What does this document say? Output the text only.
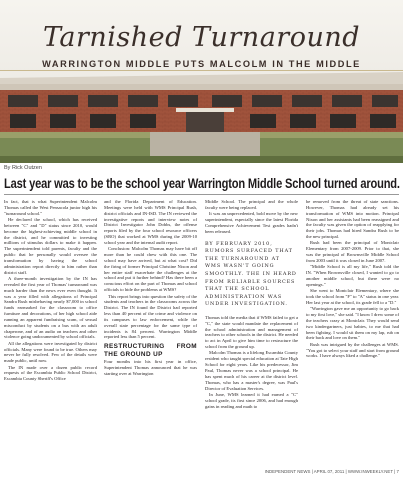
Tarnished Turnaround
WARRINGTON MIDDLE PUTS MALCOLM IN THE MIDDLE
By Rick Outzen
Last year was to be the school year Warrington Middle School turned around.

In fact, that is what Superintendent Malcolm Thomas called the West Pensacola junior high his "turnaround school."

He declared the school, which has received between "C" and "D" status since 2010, would become the highest-achieving middle school in the district, and he committed to investing millions of stimulus dollars to make it happen. The superintendent told parents, faculty and the public that he personally would oversee the transformation by having the school administration report directly to him rather than district staff.

A three-month investigation by the IN has revealed the first year of Thomas' turnaround was much harder than the news ever even thought. It was a year filled with allegations of Principal Sandra Rush misbehaving nearly $7,000 in school funds earmarked for the classroom to office furniture and decorations, of her high school aide running an apparent fundraising scam, of sexual misconduct by students on a bus with an adult chaperone, and of an audio on teachers and other violence going undocumented by school officials.

All the allegations were investigated by district officials. Many were found to be true. Others may never be fully resolved. Few of the details were made public, until now.

The IN made over a dozen public record requests of the Escambia Public School District, Escambia County Sheriff's Office

and the Florida Department of Education. Meetings were held with WMS Principal Rush, district officials and IN-ISD. The IN reviewed the investigative reports and interview notes of District Investigator John Dobbs, the offense reports filed by the four school resource officers (SRO) that worked at WMS during the 2009-10 school year and the internal audit report.

Conclusion: Malcolm Thomas may have bit off more than he could chew with this one. The school may have arrived, but at what cost? Did the firing of former Principal Christine Nixon and her entire staff exacerbate the challenges at the school and put it further behind? Has there been a conscious effort on the part of Thomas and school officials to hide the problems at WMS?

This report brings into question the safety of the students and teachers in the classrooms across the District. The IN found the District had reported less than 40 percent of the crime and violence on its campuses to law enforcement, while the overall state percentage for the same type of incidents is 84 percent. Warrington Middle reported less than 5 percent.

RESTRUCTURING FROM THE GROUND UP

Four months into his first year in office, Superintendent Thomas announced that he was starting over at Warrington

Middle School. The principal and the whole faculty were being replaced.

It was an unprecedented, bold move by the new superintendent, especially since the latest Florida Comprehensive Achievement Test grades hadn't been released.

BY FEBRUARY 2010, RUMORS SURFACED THAT THE TURNAROUND AT WMS WASN'T GOING SMOOTHLY. THE IN HEARD FROM RELIABLE SOURCES THAT THE SCHOOL ADMINISTRATION WAS UNDER INVESTIGATION.

Thomas told the media that if WMS failed to get a "C," the state would mandate the replacement of the school administration and management of teachers to other schools in the district. He needed to act in April to give him time to restructure the school from the ground up.

Malcolm Thomas is a lifelong Escambia County resident who taught special education at Tate High School for eight years. Like his predecessor, Jim Paul, Thomas never was a school principal. He has spent much of his career at the district level. Thomas, who has a master's degree, was Paul's Director of Evaluation Services.

In June, WMS learned it had earned a "C" school grade, its first since 2006, and had enough gains in reading and math to

be removed from the threat of state sanctions. However, Thomas had already set his transformation of WMS into motion. Principal Nixon and her assistants had been reassigned and the faculty was given the option of reapplying for their jobs. Thomas had hired Sandra Rush to be the new principal.

Rush had been the principal of Montclair Elementary from 2007-2009. Prior to that, she was the principal of Brownsville Middle School from 2003 until it was closed in June 2007.

"Middle School is all my life," Rush told the IN. "When Brownsville closed, I wanted to go to another middle school, but there were no openings."

She went to Montclair Elementary, where she took the school from "F" to "A" status in one year. Her last year at the school, its grade fell to a "D."

"Warrington gave me an opportunity to go back to my first love," she said. "I know I drew some of the teachers crazy at Montclair. They would send two kindergartners, just babies, to me that had been fighting. I would sit them on my lap, rub on their back and love on them."

Rush was intrigued by the challenges at WMS. "You got to select your staff and start from ground works. I have always liked a challenge."

INDEPENDENT NEWS | APRIL 07, 2011 | WWW.INWEEKLY.NET | 7
